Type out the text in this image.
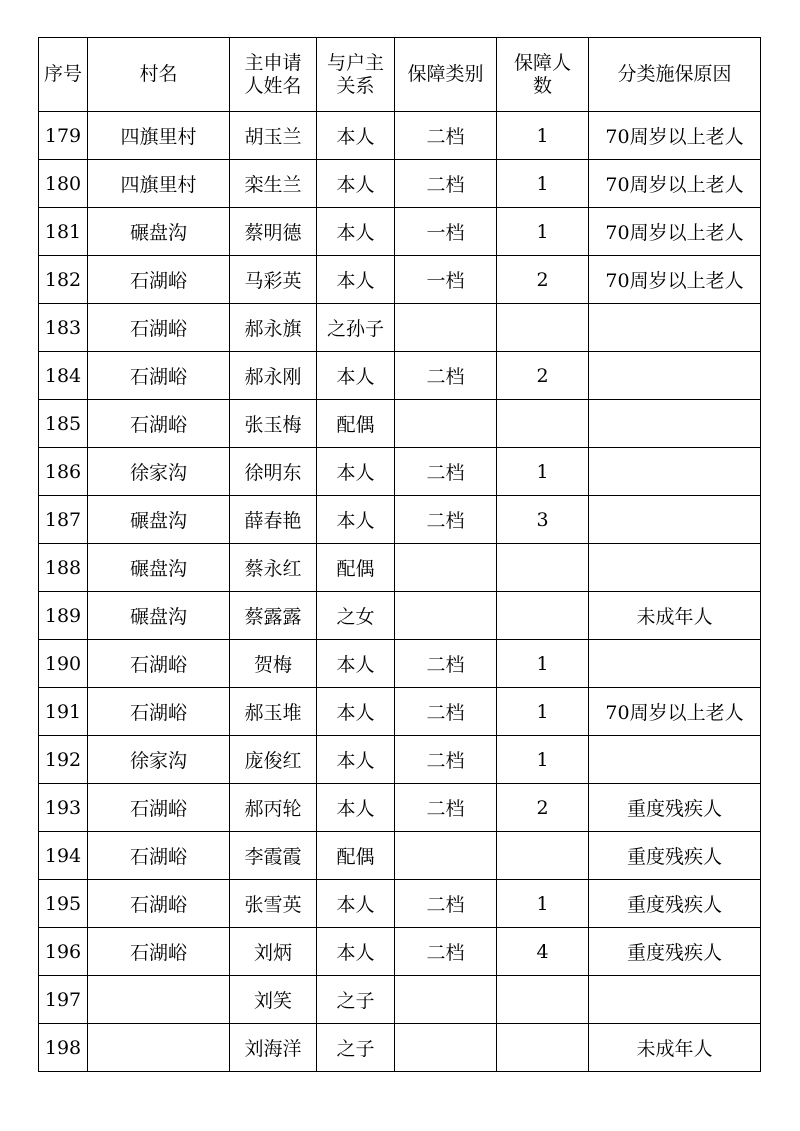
序号	村名	主申请人姓名	与户主关系	保障类别	保障人数	分类施保原因
179	四旗里村	胡玉兰	本人	二档	1	70周岁以上老人
180	四旗里村	栾生兰	本人	二档	1	70周岁以上老人
181	碾盘沟	蔡明德	本人	一档	1	70周岁以上老人
182	石湖峪	马彩英	本人	一档	2	70周岁以上老人
183	石湖峪	郝永旗	之孙子			
184	石湖峪	郝永刚	本人	二档	2	
185	石湖峪	张玉梅	配偶			
186	徐家沟	徐明东	本人	二档	1	
187	碾盘沟	薛春艳	本人	二档	3	
188	碾盘沟	蔡永红	配偶			
189	碾盘沟	蔡露露	之女			未成年人
190	石湖峪	贺梅	本人	二档	1	
191	石湖峪	郝玉堆	本人	二档	1	70周岁以上老人
192	徐家沟	庞俊红	本人	二档	1	
193	石湖峪	郝丙轮	本人	二档	2	重度残疾人
194	石湖峪	李霞霞	配偶			重度残疾人
195	石湖峪	张雪英	本人	二档	1	重度残疾人
196	石湖峪	刘炳	本人	二档	4	重度残疾人
197		刘笑	之子			
198		刘海洋	之子			未成年人
